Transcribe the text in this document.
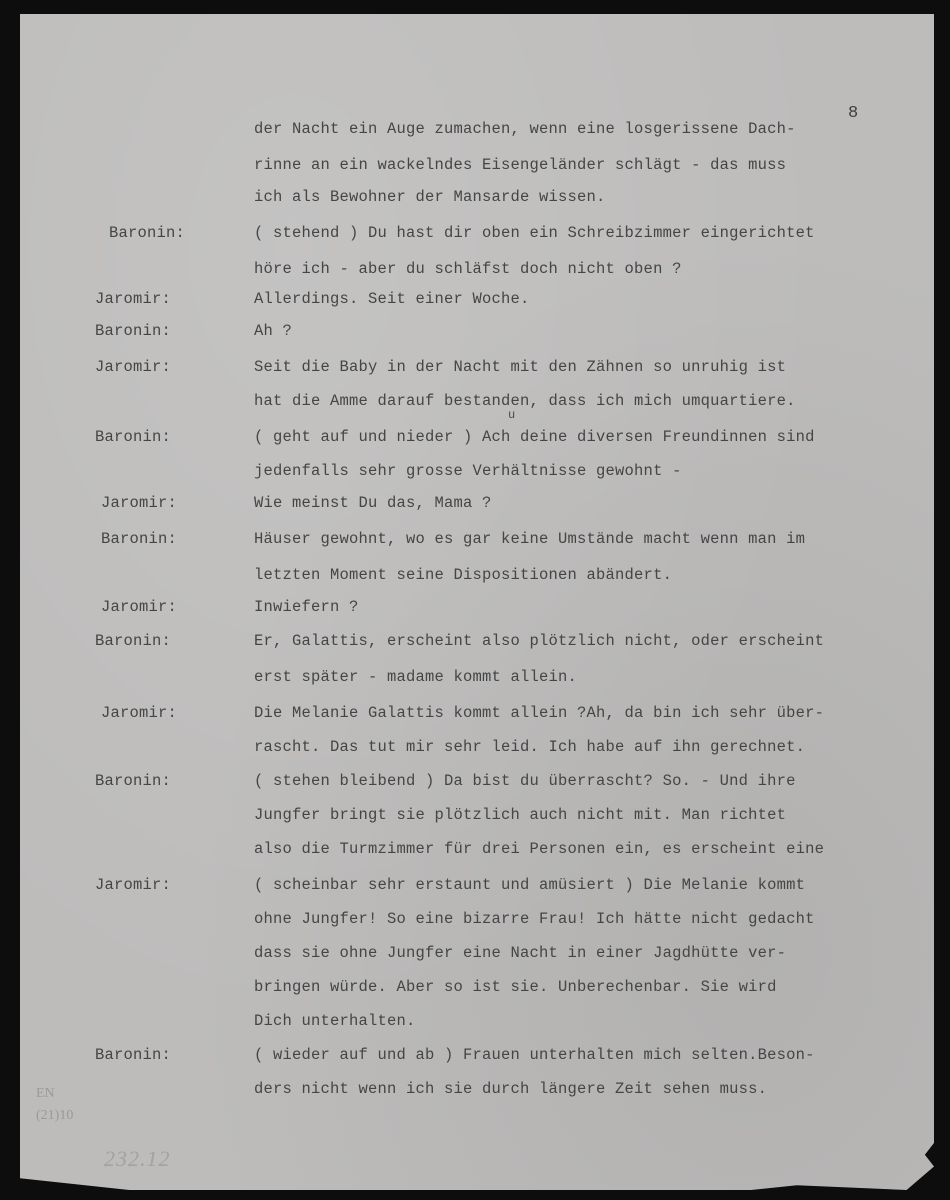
8
der Nacht ein Auge zumachen, wenn eine losgerissene Dach-
rinne an ein wackelndes Eisengeländer schlägt - das muss
ich als Bewohner der Mansarde wissen.
Baronin:	( stehend ) Du hast dir oben ein Schreibzimmer eingerichtet
höre ich - aber du schläfst doch nicht oben ?
Jaromir:	Allerdings. Seit einer Woche.
Baronin:	Ah ?
Jaromir:	Seit die Baby in der Nacht mit den Zähnen so unruhig ist
hat die Amme darauf bestanden, dass ich mich umquartiere.
Baronin:	( geht auf und nieder ) Ach deine diversen Freundinnen sind
jedenfalls sehr grosse Verhältnisse gewohnt -
Jaromir:	Wie meinst Du das, Mama ?
Baronin:	Häuser gewohnt, wo es gar keine Umstände macht wenn man im
letzten Moment seine Dispositionen abändert.
Jaromir:	Inwiefern ?
Baronin:	Er, Galattis, erscheint also plötzlich nicht, oder erscheint
erst später - madame kommt allein.
Jaromir:	Die Melanie Galattis kommt allein ?Ah, da bin ich sehr über-
rascht. Das tut mir sehr leid. Ich habe auf ihn gerechnet.
Baronin:	( stehen bleibend ) Da bist du überrascht? So. - Und ihre
Jungfer bringt sie plötzlich auch nicht mit. Man richtet
also die Turmzimmer für drei Personen ein, es erscheint eine
Jaromir:	( scheinbar sehr erstaunt und amüsiert ) Die Melanie kommt
ohne Jungfer! So eine bizarre Frau! Ich hätte nicht gedacht
dass sie ohne Jungfer eine Nacht in einer Jagdhütte ver-
bringen würde. Aber so ist sie. Unberechenbar. Sie wird
Dich unterhalten.
Baronin:	( wieder auf und ab ) Frauen unterhalten mich selten.Beson-
ders nicht wenn ich sie durch längere Zeit sehen muss.
u
EN
(21)10
232.12
